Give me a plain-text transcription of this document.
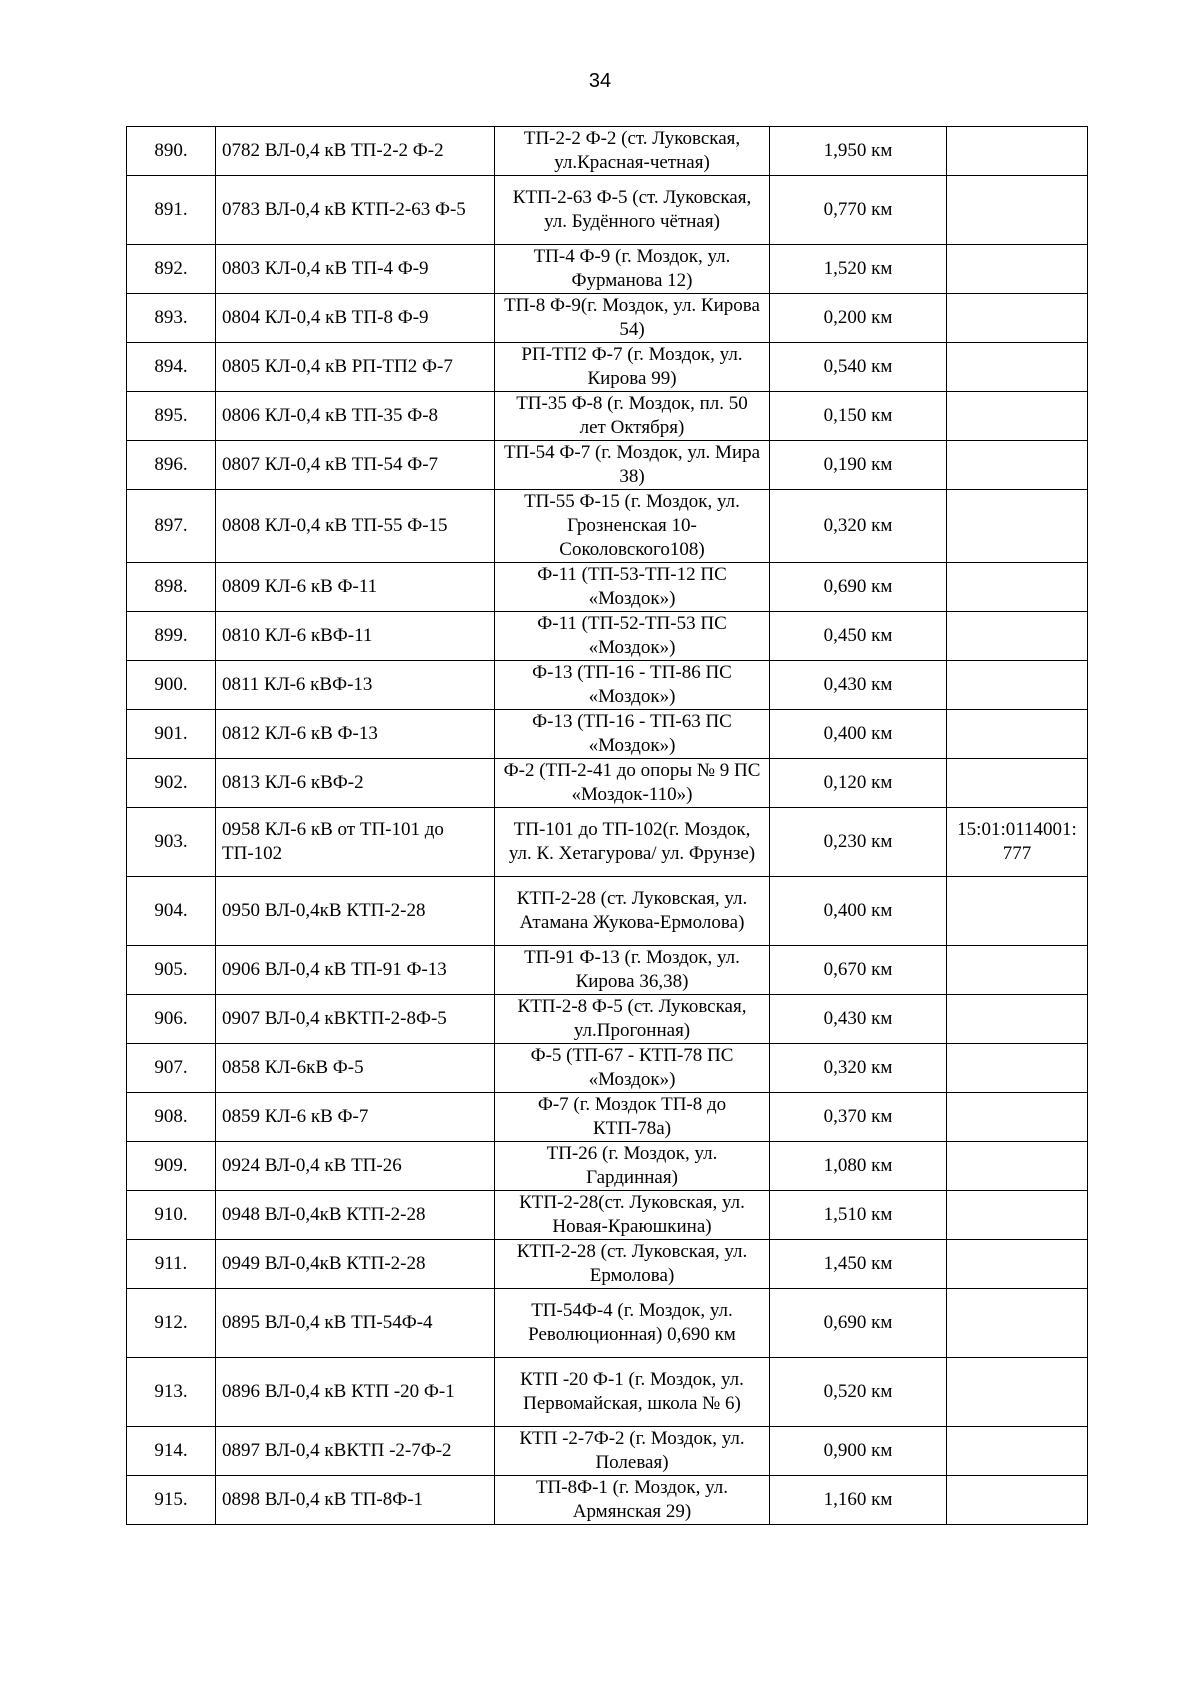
34
890.	0782 ВЛ-0,4 кВ ТП-2-2 Ф-2	ТП-2-2 Ф-2 (ст. Луковская, ул.Красная-четная)	1,950 км	
891.	0783 ВЛ-0,4 кВ КТП-2-63 Ф-5	КТП-2-63 Ф-5 (ст. Луковская, ул. Будённого чётная)	0,770 км	
892.	0803 КЛ-0,4 кВ ТП-4 Ф-9	ТП-4 Ф-9 (г. Моздок, ул. Фурманова 12)	1,520 км	
893.	0804 КЛ-0,4 кВ ТП-8 Ф-9	ТП-8 Ф-9(г. Моздок, ул. Кирова 54)	0,200 км	
894.	0805 КЛ-0,4 кВ РП-ТП2 Ф-7	РП-ТП2 Ф-7 (г. Моздок, ул. Кирова 99)	0,540 км	
895.	0806 КЛ-0,4 кВ ТП-35 Ф-8	ТП-35 Ф-8 (г. Моздок, пл. 50 лет Октября)	0,150 км	
896.	0807 КЛ-0,4 кВ ТП-54 Ф-7	ТП-54 Ф-7 (г. Моздок, ул. Мира 38)	0,190 км	
897.	0808 КЛ-0,4 кВ ТП-55 Ф-15	ТП-55 Ф-15 (г. Моздок, ул. Грозненская 10-Соколовского108)	0,320 км	
898.	0809 КЛ-6 кВ Ф-11	Ф-11 (ТП-53-ТП-12 ПС «Моздок»)	0,690 км	
899.	0810 КЛ-6 кВФ-11	Ф-11 (ТП-52-ТП-53 ПС «Моздок»)	0,450 км	
900.	0811 КЛ-6 кВФ-13	Ф-13 (ТП-16 - ТП-86 ПС «Моздок»)	0,430 км	
901.	0812 КЛ-6 кВ Ф-13	Ф-13 (ТП-16 - ТП-63 ПС «Моздок»)	0,400 км	
902.	0813 КЛ-6 кВФ-2	Ф-2 (ТП-2-41 до опоры № 9 ПС «Моздок-110»)	0,120 км	
903.	0958 КЛ-6 кВ от ТП-101 до ТП-102	ТП-101 до ТП-102(г. Моздок, ул. К. Хетагурова/ ул. Фрунзе)	0,230 км	15:01:0114001:777
904.	0950 ВЛ-0,4кВ КТП-2-28	КТП-2-28 (ст. Луковская, ул. Атамана Жукова-Ермолова)	0,400 км	
905.	0906 ВЛ-0,4 кВ ТП-91 Ф-13	ТП-91 Ф-13 (г. Моздок, ул. Кирова 36,38)	0,670 км	
906.	0907 ВЛ-0,4 кВКТП-2-8Ф-5	КТП-2-8 Ф-5 (ст. Луковская, ул.Прогонная)	0,430 км	
907.	0858 КЛ-6кВ Ф-5	Ф-5 (ТП-67 - КТП-78 ПС «Моздок»)	0,320 км	
908.	0859 КЛ-6 кВ Ф-7	Ф-7 (г. Моздок ТП-8 до КТП-78а)	0,370 км	
909.	0924 ВЛ-0,4 кВ ТП-26	ТП-26 (г. Моздок, ул. Гардинная)	1,080 км	
910.	0948 ВЛ-0,4кВ КТП-2-28	КТП-2-28(ст. Луковская, ул. Новая-Краюшкина)	1,510 км	
911.	0949 ВЛ-0,4кВ КТП-2-28	КТП-2-28 (ст. Луковская, ул. Ермолова)	1,450 км	
912.	0895 ВЛ-0,4 кВ ТП-54Ф-4	ТП-54Ф-4 (г. Моздок, ул. Революционная) 0,690 км	0,690 км	
913.	0896 ВЛ-0,4 кВ КТП -20 Ф-1	КТП -20 Ф-1 (г. Моздок, ул. Первомайская, школа № 6)	0,520 км	
914.	0897 ВЛ-0,4 кВКТП -2-7Ф-2	КТП -2-7Ф-2 (г. Моздок, ул. Полевая)	0,900 км	
915.	0898 ВЛ-0,4 кВ ТП-8Ф-1	ТП-8Ф-1 (г. Моздок, ул. Армянская 29)	1,160 км	
